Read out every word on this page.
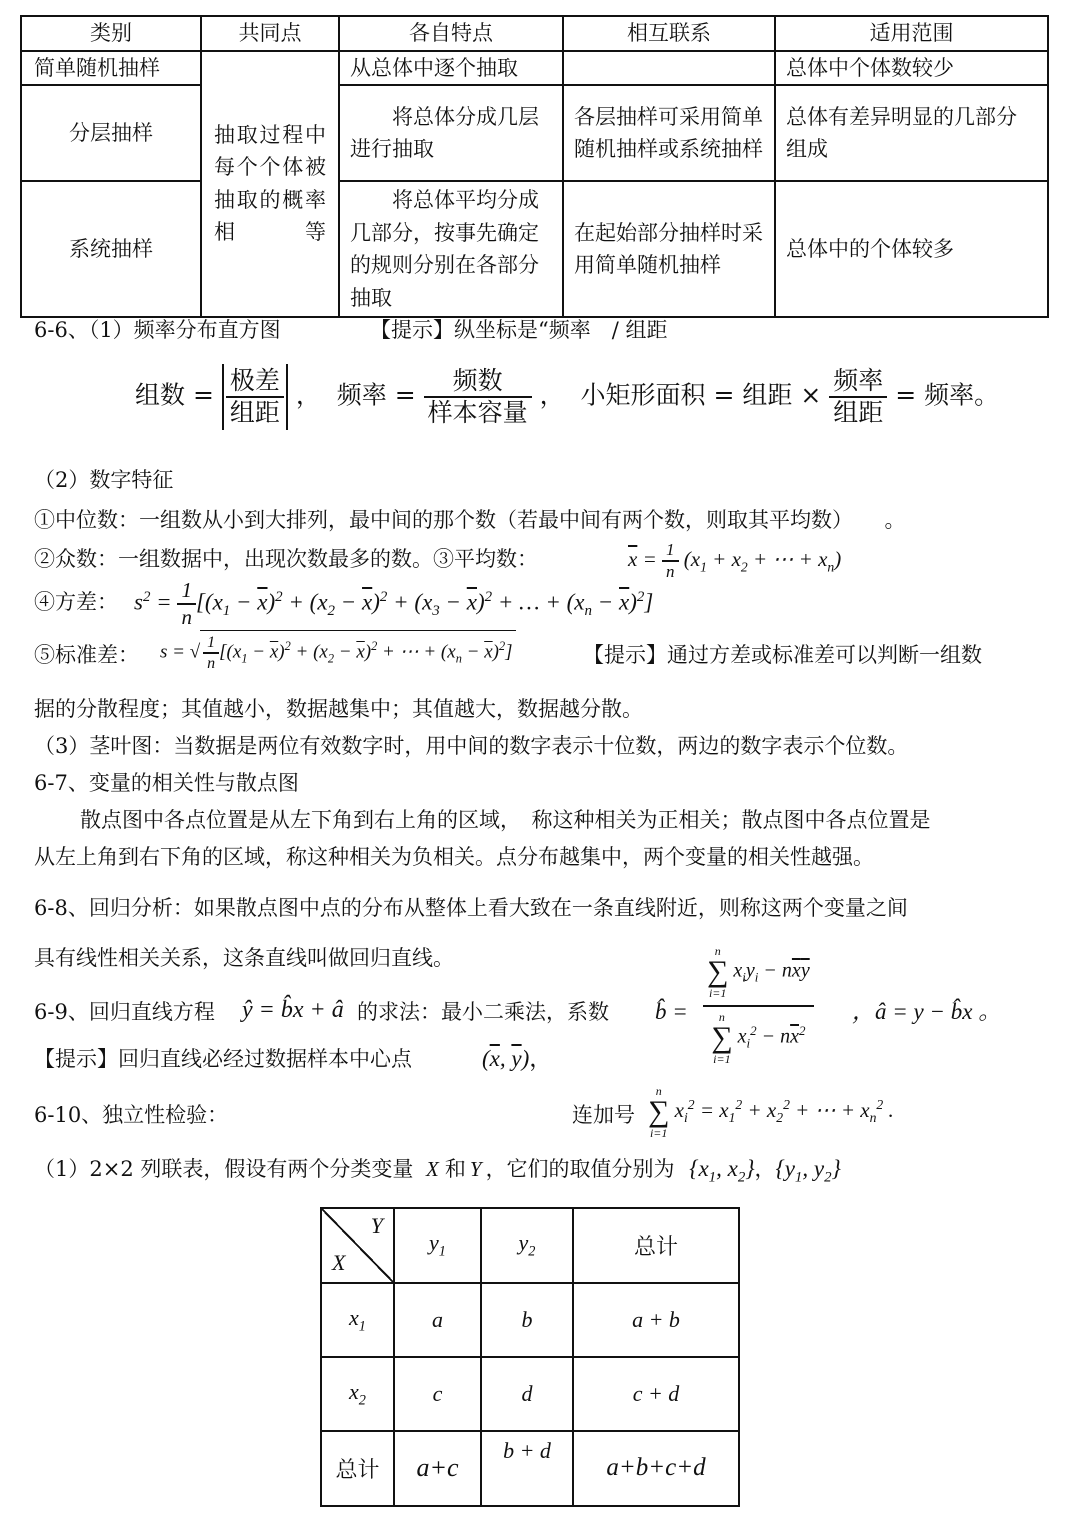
类别	共同点	各自特点	相互联系	适用范围
简单随机抽样	抽取过程中每个个体被抽取的概率相等	从总体中逐个抽取		总体中个体数较少
分层抽样		将总体分成几层进行抽取	各层抽样可采用简单随机抽样或系统抽样	总体有差异明显的几部分组成
系统抽样		将总体平均分成几部分，按事先确定的规则分别在各部分抽取	在起始部分抽样时采用简单随机抽样	总体中的个体较多
6-6、（1）频率分布直方图	【提示】纵坐标是“频率　/ 组距
组数 = $\frac{\text{极差}}{\text{组距}}$ ，  频率 = $\frac{\text{频数}}{\text{样本容量}}$ ，  小矩形面积 = 组距 × $\frac{\text{频率}}{\text{组距}}$ = 频率。
（2）数字特征
①中位数：一组数从小到大排列，最中间的那个数（若最中间有两个数，则取其平均数）　　。
②众数：一组数据中，出现次数最多的数。③平均数：	$\overline{x} = \frac{1}{n} (x_1 + x_2$ + ⋯ + $x_n$)
④方差： $s^2 = \frac{1}{n} [(x_1 - \overline{x})^2 + (x_2 - \overline{x})^2 + (x_3 - \overline{x})^2$ + … + $(x_n - \overline{x})^2$]
⑤标准差： s = √ $\frac{1}{n} [(x_1 - \overline{x})^2 + (x_2 - \overline{x})^2$ + ⋯ + $(x_n - \overline{x})^2$]	【提示】通过方差或标准差可以判断一组数
据的分散程度；其值越小，数据越集中；其值越大，数据越分散。
（3）茎叶图：当数据是两位有效数字时，用中间的数字表示十位数，两边的数字表示个位数。
6-7、变量的相关性与散点图
散点图中各点位置是从左下角到右上角的区域，　称这种相关为正相关；散点图中各点位置是
从左上角到右下角的区域，称这种相关为负相关。点分布越集中，两个变量的相关性越强。
6-8、回归分析：如果散点图中点的分布从整体上看大致在一条直线附近，则称这两个变量之间
具有线性相关关系，这条直线叫做回归直线。
6-9、回归直线方程 ŷ = b̂x + â 的求法：最小二乘法，系数 b̂ =
n
∑
i=1 $x_iy_i - n\overline{x}\overline{y}$
n
∑
i=1 $x_i^2 - n\overline{x}^2$
，â = y − b̂x 。
【提示】回归直线必经过数据样本中心点	($\overline{x}$, $\overline{y}$)，
6-10、独立性检验：	连加号
n
∑
i=1 $x_i^2 = x_1^2 + x_2^2$ + ⋯ + $x_n^2$ .
（1）2×2 列联表，假设有两个分类变量 X 和 Y ，它们的取值分别为 {$x_1$, $x_2$}，{$y_1$, $y_2$}
Y
X	$y_1$	$y_2$	总计
$x_1$	a	b	a + b
$x_2$	c	d	c + d
总计	a+c	b + d	a+b+c+d
